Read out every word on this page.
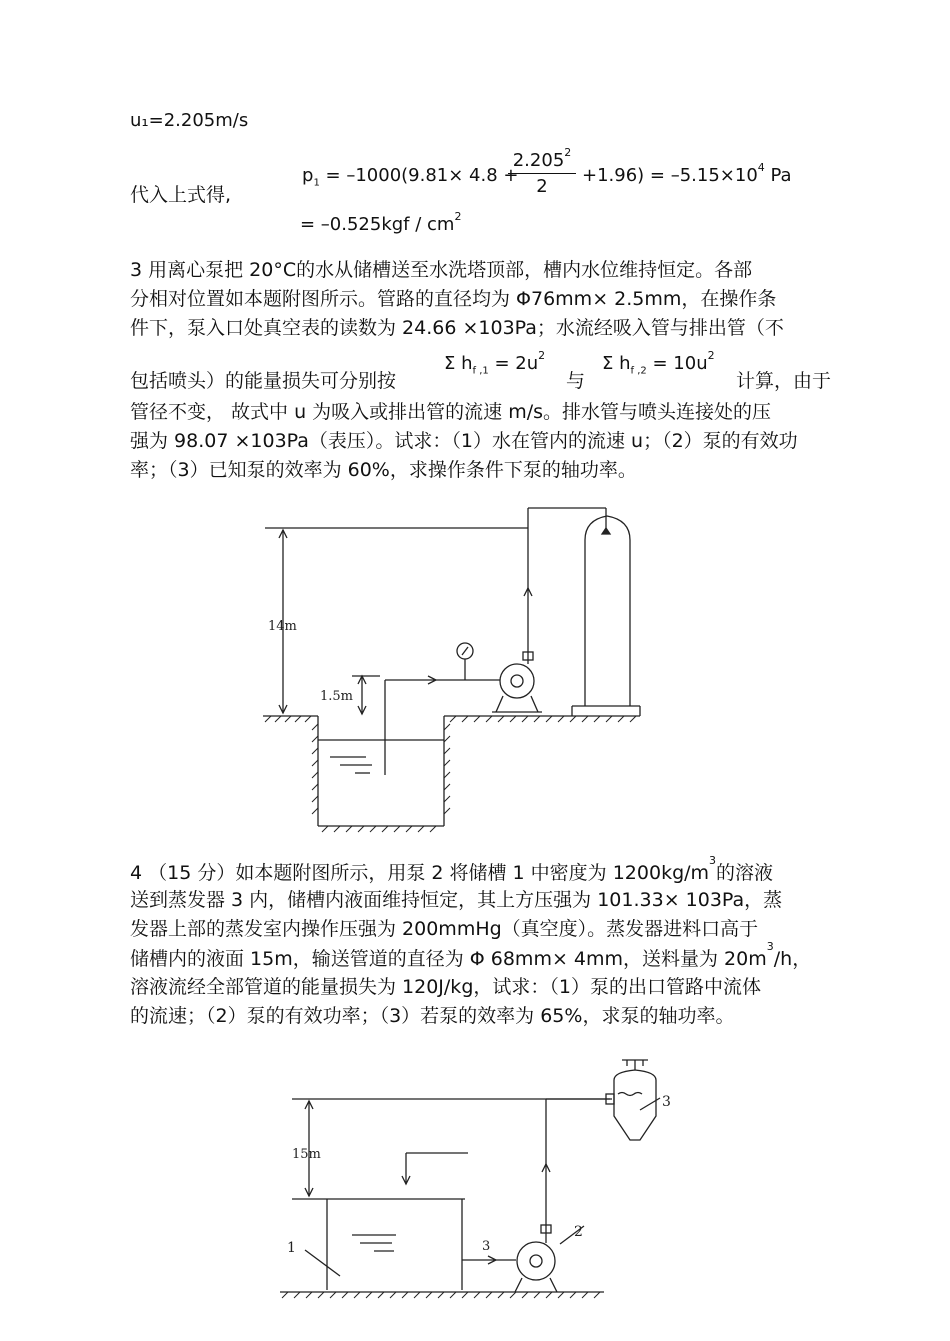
u₁=2.205m/s
代入上式得,
$p_1 = -1000(9.81\times 4.8$ +
$2.205^2$
2
$+1.96) = -5.15\times 10^4$ Pa
= $-0.525kgf / cm^2$
3 用离心泵把 20°C的水从储槽送至水洗塔顶部，槽内水位维持恒定。各部
分相对位置如本题附图所示。管路的直径均为 Φ76mm× 2.5mm，在操作条
件下，泵入口处真空表的读数为 24.66 ×103Pa；水流经吸入管与排出管（不
包括喷头）的能量损失可分别按
Σ $h_{f ,1} = 2u^2$
与
Σ $h_{f ,2} = 10u^2$
计算，由于
管径不变， 故式中 u 为吸入或排出管的流速 m/s。排水管与喷头连接处的压
强为 98.07 ×103Pa（表压）。试求：（1）水在管内的流速 u；（2）泵的有效功
率；（3）已知泵的效率为 60%，求操作条件下泵的轴功率。
14m
1.5m
4 （15 分）如本题附图所示，用泵 2 将储槽 1 中密度为 $1200kg/m^3$的溶液
送到蒸发器 3 内，储槽内液面维持恒定，其上方压强为 101.33× 103Pa，蒸
发器上部的蒸发室内操作压强为 200mmHg（真空度）。蒸发器进料口高于
储槽内的液面 15m，输送管道的直径为 Φ 68mm× 4mm，送料量为 $20m^3/h$，
溶液流经全部管道的能量损失为 120J/kg，试求：（1）泵的出口管路中流体
的流速；（2）泵的有效功率；（3）若泵的效率为 65%，求泵的轴功率。
15m
3
1
2
3
